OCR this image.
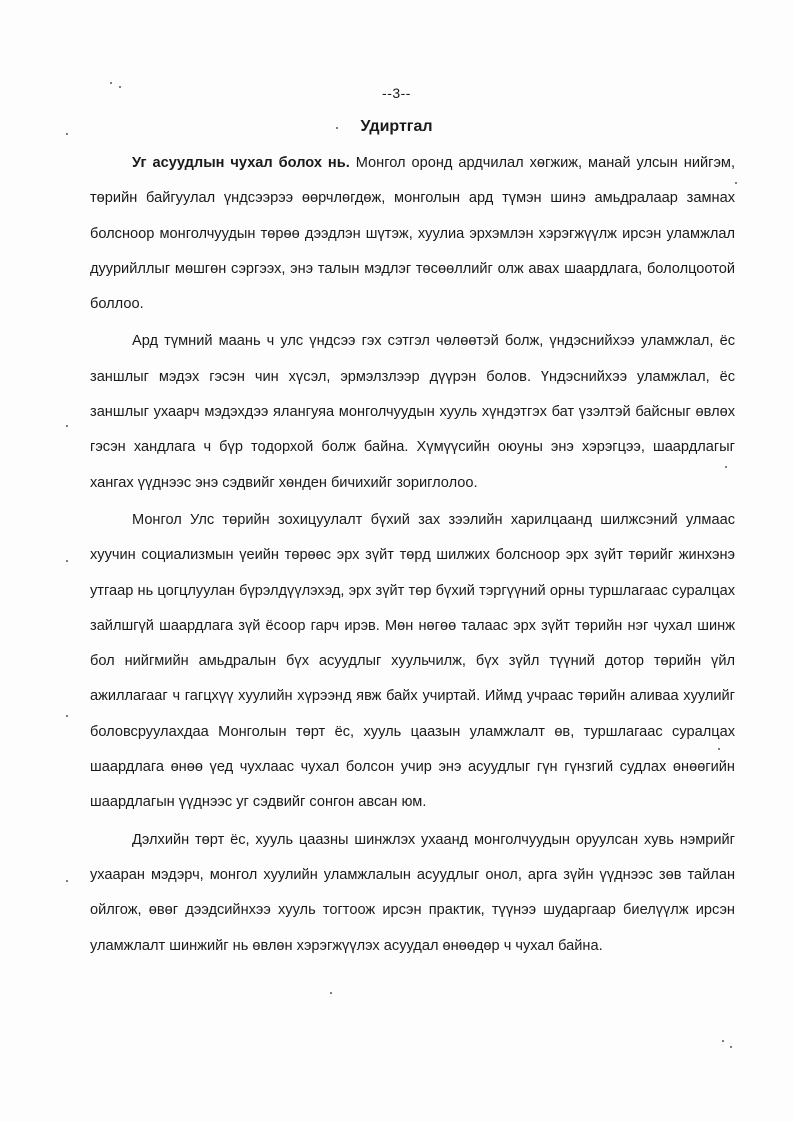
--3--
Удиртгал

Уг асуудлын чухал болох нь. Монгол оронд ардчилал хөгжиж, манай улсын нийгэм, төрийн байгуулал үндсээрээ өөрчлөгдөж, монголын ард түмэн шинэ амьдралаар замнах болсноор монголчуудын төрөө дээдлэн шүтэж, хуулиа эрхэмлэн хэрэгжүүлж ирсэн уламжлал дуурийллыг мөшгөн сэргээх, энэ талын мэдлэг төсөөллийг олж авах шаардлага, бололцоотой боллоо.

Ард түмний маань ч улс үндсээ гэх сэтгэл чөлөөтэй болж, үндэснийхээ уламжлал, ёс заншлыг мэдэх гэсэн чин хүсэл, эрмэлзлээр дүүрэн болов. Үндэснийхээ уламжлал, ёс заншлыг ухаарч мэдэхдээ ялангуяа монголчуудын хууль хүндэтгэх бат үзэлтэй байсныг өвлөх гэсэн хандлага ч бүр тодорхой болж байна. Хүмүүсийн оюуны энэ хэрэгцээ, шаардлагыг хангах үүднээс энэ сэдвийг хөнден бичихийг зориглолоо.

Монгол Улс төрийн зохицуулалт бүхий зах зээлийн харилцаанд шилжсэний улмаас хуучин социализмын үеийн төрөөс эрх зүйт төрд шилжих болсноор эрх зүйт төрийг жинхэнэ утгаар нь цогцлуулан бүрэлдүүлэхэд, эрх зүйт төр бүхий тэргүүний орны туршлагаас суралцах зайлшгүй шаардлага зүй ёсоор гарч ирэв. Мөн нөгөө талаас эрх зүйт төрийн нэг чухал шинж бол нийгмийн амьдралын бүх асуудлыг хуульчилж, бүх зүйл түүний дотор төрийн үйл ажиллагааг ч гагцхүү хуулийн хүрээнд явж байх учиртай. Иймд учраас төрийн аливаа хуулийг боловсруулахдаа Монголын төрт ёс, хууль цаазын уламжлалт өв, туршлагаас суралцах шаардлага өнөө үед чухлаас чухал болсон учир энэ асуудлыг гүн гүнзгий судлах өнөөгийн шаардлагын үүднээс уг сэдвийг сонгон авсан юм.

Дэлхийн төрт ёс, хууль цаазны шинжлэх ухаанд монголчуудын оруулсан хувь нэмрийг ухааран мэдэрч, монгол хуулийн уламжлалын асуудлыг онол, арга зүйн үүднээс зөв тайлан ойлгож, өвөг дээдсийнхээ хууль тогтоож ирсэн практик, түүнээ шударгаар биелүүлж ирсэн уламжлалт шинжийг нь өвлөн хэрэгжүүлэх асуудал өнөөдөр ч чухал байна.
